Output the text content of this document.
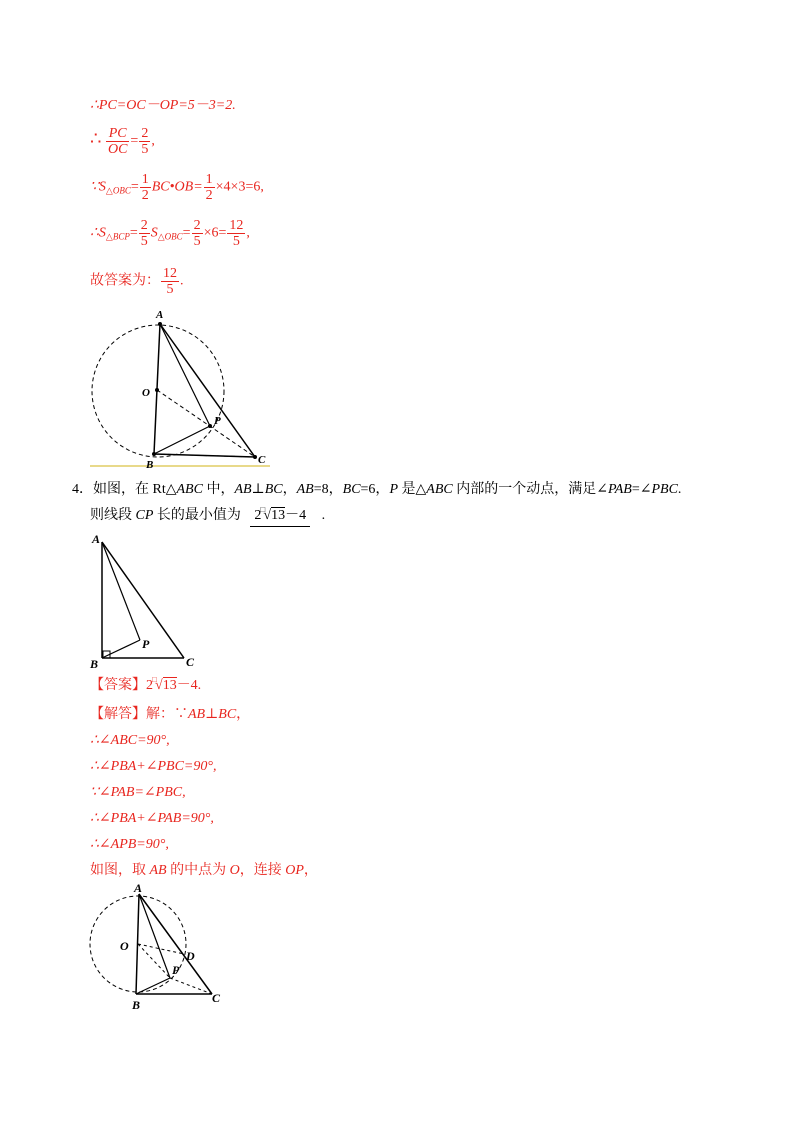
∴PC=OC－OP=5－3=2.
∴ $\frac{PC}{OC} = \frac{2}{5}$ ,
$\because S_{\triangle OBC}= \frac{1}{2}$ BC•OB= $\frac{1}{2} \times 4\times 3=6$,
$\therefore S_{\triangle BCP}= \frac{2}{5} S_{\triangle OBC}= \frac{2}{5} \times 6= \frac{12}{5}$ ,
故答案为： $\frac{12}{5}$ .
A
O
P
B	C
4．如图，在 Rt△ABC 中，AB⊥BC，AB=8，BC=6，P 是△ABC 内部的一个动点，满足∠PAB=∠PBC.
则线段 CP 长的最小值为 2 □
√13－4 .
A
P
B	C
【答案】2 □
√13－4.
【解答】解：∵AB⊥BC，
∴∠ABC=90°,
∴∠PBA+∠PBC=90°,
∵∠PAB=∠PBC,
∴∠PBA+∠PAB=90°,
∴∠APB=90°,
如图，取 AB 的中点为 O，连接 OP，
A
O
P
D
B	C
